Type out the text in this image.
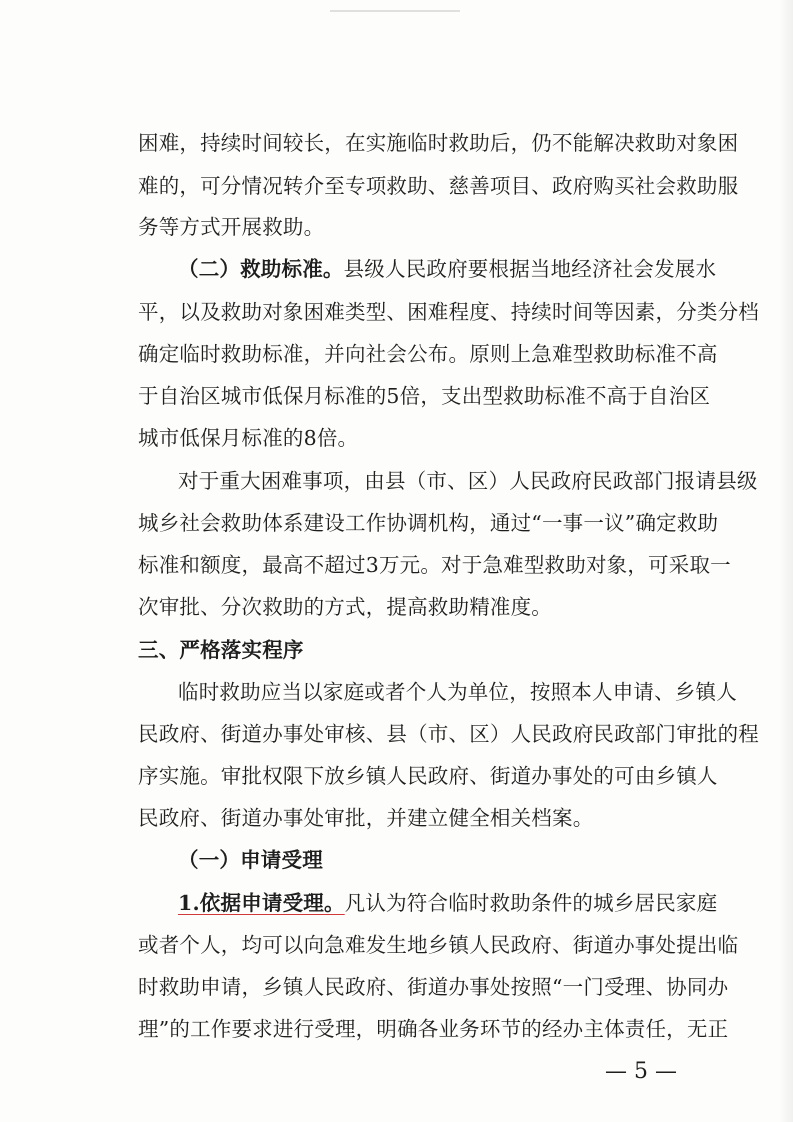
困难，持续时间较长，在实施临时救助后，仍不能解决救助对象困
难的，可分情况转介至专项救助、慈善项目、政府购买社会救助服
务等方式开展救助。
（二）救助标准。县级人民政府要根据当地经济社会发展水
平，以及救助对象困难类型、困难程度、持续时间等因素，分类分档
确定临时救助标准，并向社会公布。原则上急难型救助标准不高
于自治区城市低保月标准的5倍，支出型救助标准不高于自治区
城市低保月标准的8倍。
对于重大困难事项，由县（市、区）人民政府民政部门报请县级
城乡社会救助体系建设工作协调机构，通过“一事一议”确定救助
标准和额度，最高不超过3万元。对于急难型救助对象，可采取一
次审批、分次救助的方式，提高救助精准度。
三、严格落实程序
临时救助应当以家庭或者个人为单位，按照本人申请、乡镇人
民政府、街道办事处审核、县（市、区）人民政府民政部门审批的程
序实施。审批权限下放乡镇人民政府、街道办事处的可由乡镇人
民政府、街道办事处审批，并建立健全相关档案。
（一）申请受理
1.依据申请受理。凡认为符合临时救助条件的城乡居民家庭
或者个人，均可以向急难发生地乡镇人民政府、街道办事处提出临
时救助申请，乡镇人民政府、街道办事处按照“一门受理、协同办
理”的工作要求进行受理，明确各业务环节的经办主体责任，无正
— 5 —
